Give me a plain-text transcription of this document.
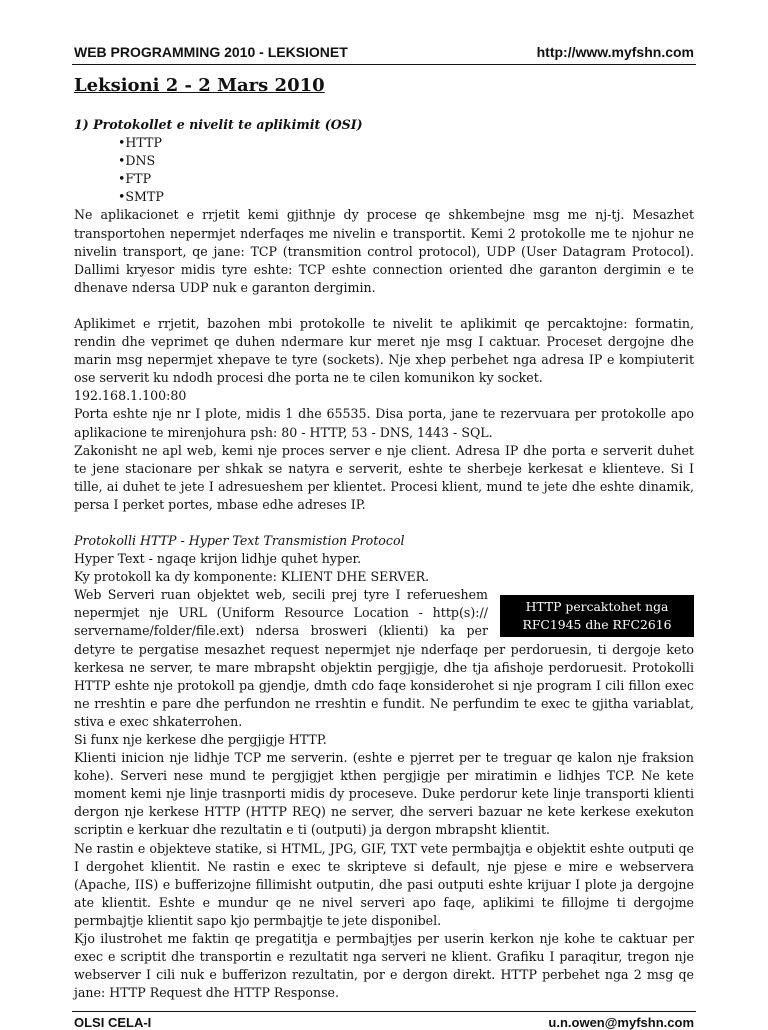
WEB PROGRAMMING 2010 - LEKSIONET	http://www.myfshn.com
Leksioni 2 - 2 Mars 2010

1) Protokollet e nivelit te aplikimit (OSI)

•HTTP
•DNS
•FTP
•SMTP

Ne aplikacionet e rrjetit kemi gjithnje dy procese qe shkembejne msg me nj-tj. Mesazhet transportohen nepermjet nderfaqes me nivelin e transportit. Kemi 2 protokolle me te njohur ne nivelin transport, qe jane: TCP (transmition control protocol), UDP (User Datagram Protocol). Dallimi kryesor midis tyre eshte: TCP eshte connection oriented dhe garanton dergimin e te dhenave ndersa UDP nuk e garanton dergimin.

Aplikimet e rrjetit, bazohen mbi protokolle te nivelit te aplikimit qe percaktojne: formatin, rendin dhe veprimet qe duhen ndermare kur meret nje msg I caktuar. Proceset dergojne dhe marin msg nepermjet xhepave te tyre (sockets). Nje xhep perbehet nga adresa IP e kompiuterit ose serverit ku ndodh procesi dhe porta ne te cilen komunikon ky socket.

192.168.1.100:80

Porta eshte nje nr I plote, midis 1 dhe 65535. Disa porta, jane te rezervuara per protokolle apo aplikacione te mirenjohura psh: 80 - HTTP, 53 - DNS, 1443 - SQL.

Zakonisht ne apl web, kemi nje proces server e nje client. Adresa IP dhe porta e serverit duhet te jene stacionare per shkak se natyra e serverit, eshte te sherbeje kerkesat e klienteve. Si I tille, ai duhet te jete I adresueshem per klientet. Procesi klient, mund te jete dhe eshte dinamik, persa I perket portes, mbase edhe adreses IP.

Protokolli HTTP - Hyper Text Transmistion Protocol

Hyper Text - ngaqe krijon lidhje quhet hyper.

Ky protokoll ka dy komponente: KLIENT DHE SERVER.

HTTP percaktohet nga RFC1945 dhe RFC2616

Web Serveri ruan objektet web, secili prej tyre I referueshem nepermjet nje URL (Uniform Resource Location - http(s):// servername/folder/file.ext) ndersa brosweri (klienti) ka per detyre te pergatise mesazhet request nepermjet nje nderfaqe per perdoruesin, ti dergoje keto kerkesa ne server, te mare mbrapsht objektin pergjigje, dhe tja afishoje perdoruesit. Protokolli HTTP eshte nje protokoll pa gjendje, dmth cdo faqe konsiderohet si nje program I cili fillon exec ne rreshtin e pare dhe perfundon ne rreshtin e fundit. Ne perfundim te exec te gjitha variablat, stiva e exec shkaterrohen.

Si funx nje kerkese dhe pergjigje HTTP.

Klienti inicion nje lidhje TCP me serverin. (eshte e pjerret per te treguar qe kalon nje fraksion kohe). Serveri nese mund te pergjigjet kthen pergjigje per miratimin e lidhjes TCP. Ne kete moment kemi nje linje trasnporti midis dy proceseve. Duke perdorur kete linje transporti klienti dergon nje kerkese HTTP (HTTP REQ) ne server, dhe serveri bazuar ne kete kerkese exekuton scriptin e kerkuar dhe rezultatin e ti (outputi) ja dergon mbrapsht klientit.

Ne rastin e objekteve statike, si HTML, JPG, GIF, TXT vete permbajtja e objektit eshte outputi qe I dergohet klientit. Ne rastin e exec te skripteve si default, nje pjese e mire e webservera (Apache, IIS) e bufferizojne fillimisht outputin, dhe pasi outputi eshte krijuar I plote ja dergojne ate klientit. Eshte e mundur qe ne nivel serveri apo faqe, aplikimi te fillojme ti dergojme permbajtje klientit sapo kjo permbajtje te jete disponibel.

Kjo ilustrohet me faktin qe pregatitja e permbajtjes per userin kerkon nje kohe te caktuar per exec e scriptit dhe transportin e rezultatit nga serveri ne klient. Grafiku I paraqitur, tregon nje webserver I cili nuk e bufferizon rezultatin, por e dergon direkt. HTTP perbehet nga 2 msg qe jane: HTTP Request dhe HTTP Response.

OLSI CELA-I	u.n.owen@myfshn.com
